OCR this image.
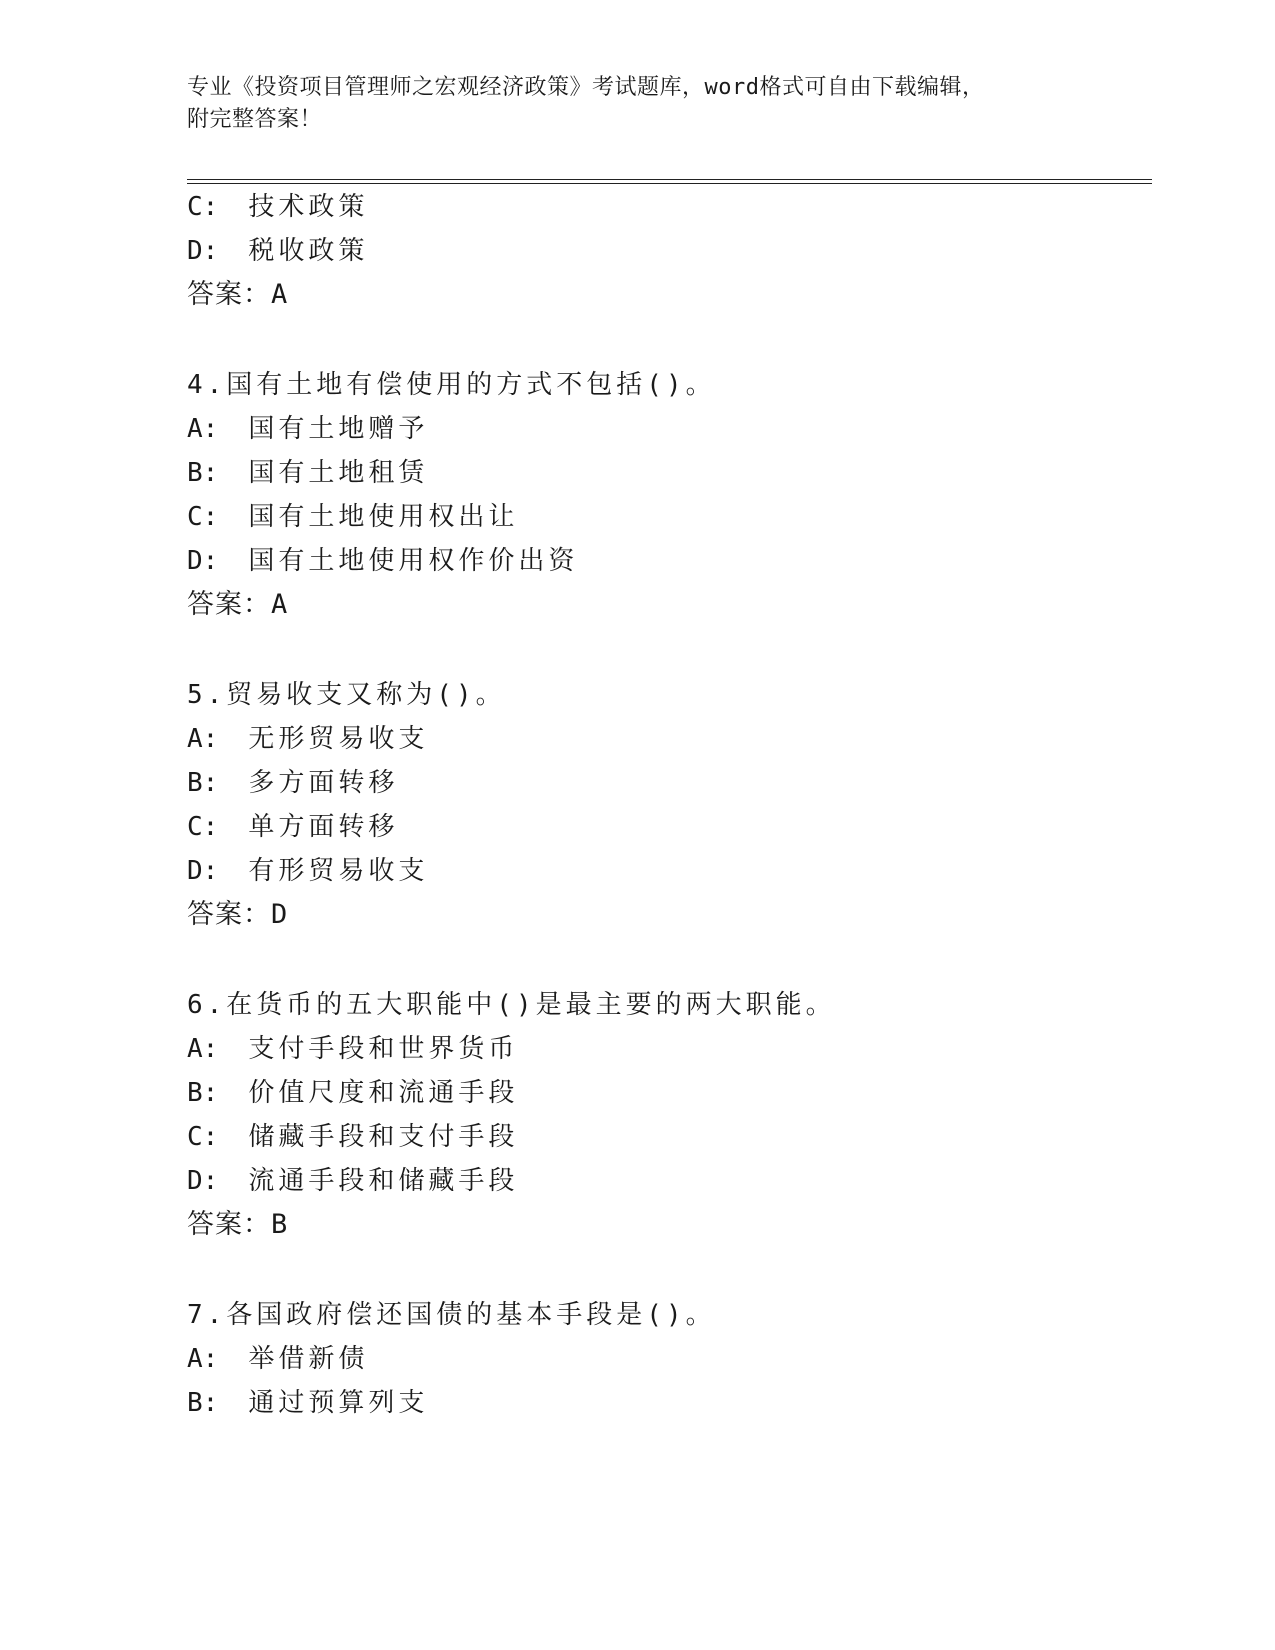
专业《投资项目管理师之宏观经济政策》考试题库，word格式可自由下载编辑，
附完整答案！
C: 技术政策
D: 税收政策
答案：A
4.国有土地有偿使用的方式不包括()。
A: 国有土地赠予
B: 国有土地租赁
C: 国有土地使用权出让
D: 国有土地使用权作价出资
答案：A
5.贸易收支又称为()。
A: 无形贸易收支
B: 多方面转移
C: 单方面转移
D: 有形贸易收支
答案：D
6.在货币的五大职能中()是最主要的两大职能。
A: 支付手段和世界货币
B: 价值尺度和流通手段
C: 储藏手段和支付手段
D: 流通手段和储藏手段
答案：B
7.各国政府偿还国债的基本手段是()。
A: 举借新债
B: 通过预算列支
